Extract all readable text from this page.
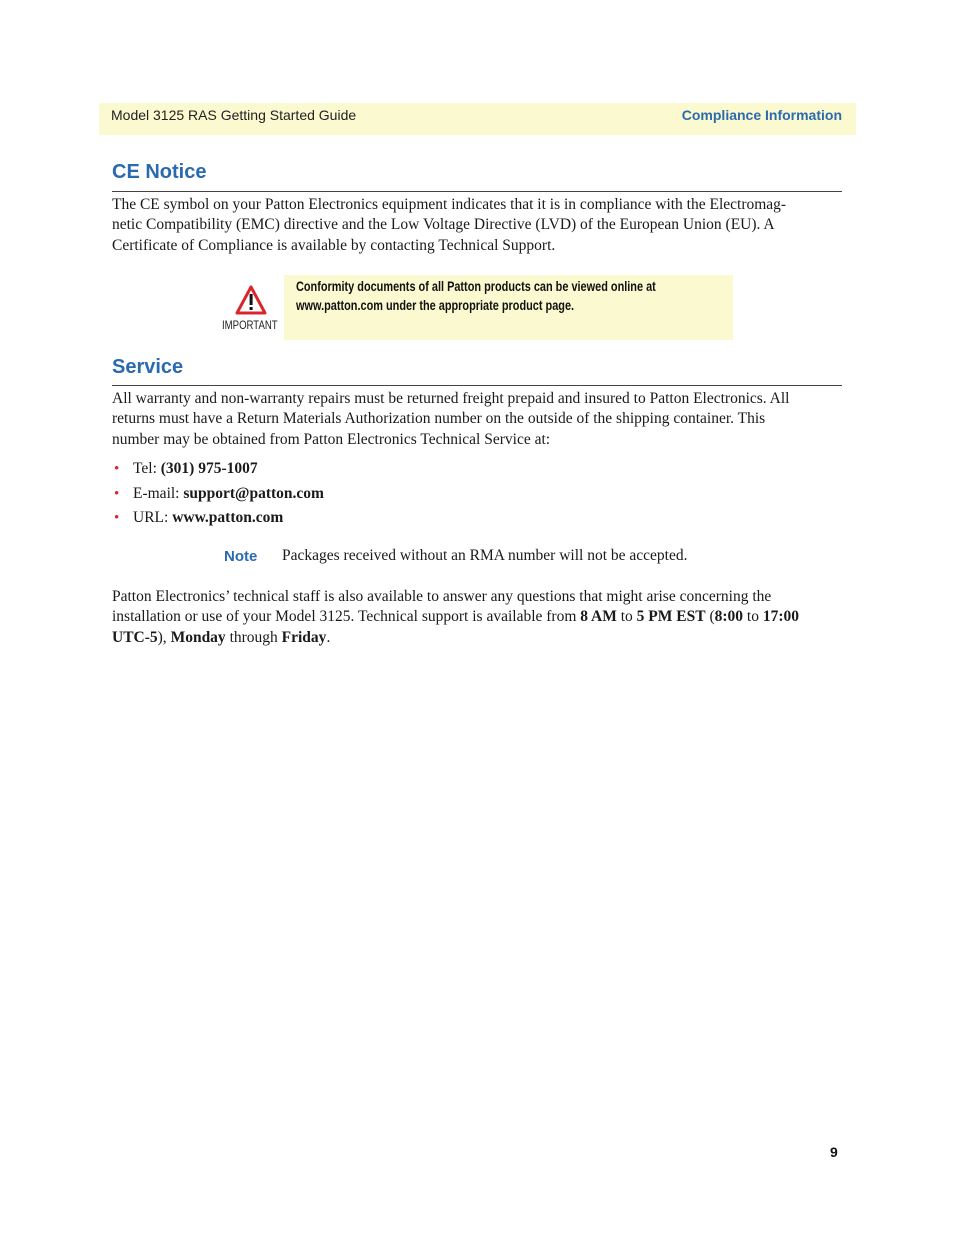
Model 3125 RAS Getting Started Guide	Compliance Information
CE Notice

The CE symbol on your Patton Electronics equipment indicates that it is in compliance with the Electromag-
netic Compatibility (EMC) directive and the Low Voltage Directive (LVD) of the European Union (EU). A
Certificate of Compliance is available by contacting Technical Support.

IMPORTANT
Conformity documents of all Patton products can be viewed online at
www.patton.com under the appropriate product page.
Service

All warranty and non-warranty repairs must be returned freight prepaid and insured to Patton Electronics. All
returns must have a Return Materials Authorization number on the outside of the shipping container. This
number may be obtained from Patton Electronics Technical Service at:

• Tel: (301) 975-1007
• E-mail: support@patton.com
• URL: www.patton.com
Note Packages received without an RMA number will not be accepted.

Patton Electronics’ technical staff is also available to answer any questions that might arise concerning the
installation or use of your Model 3125. Technical support is available from 8 AM to 5 PM EST (8:00 to 17:00
UTC-5), Monday through Friday.

9
